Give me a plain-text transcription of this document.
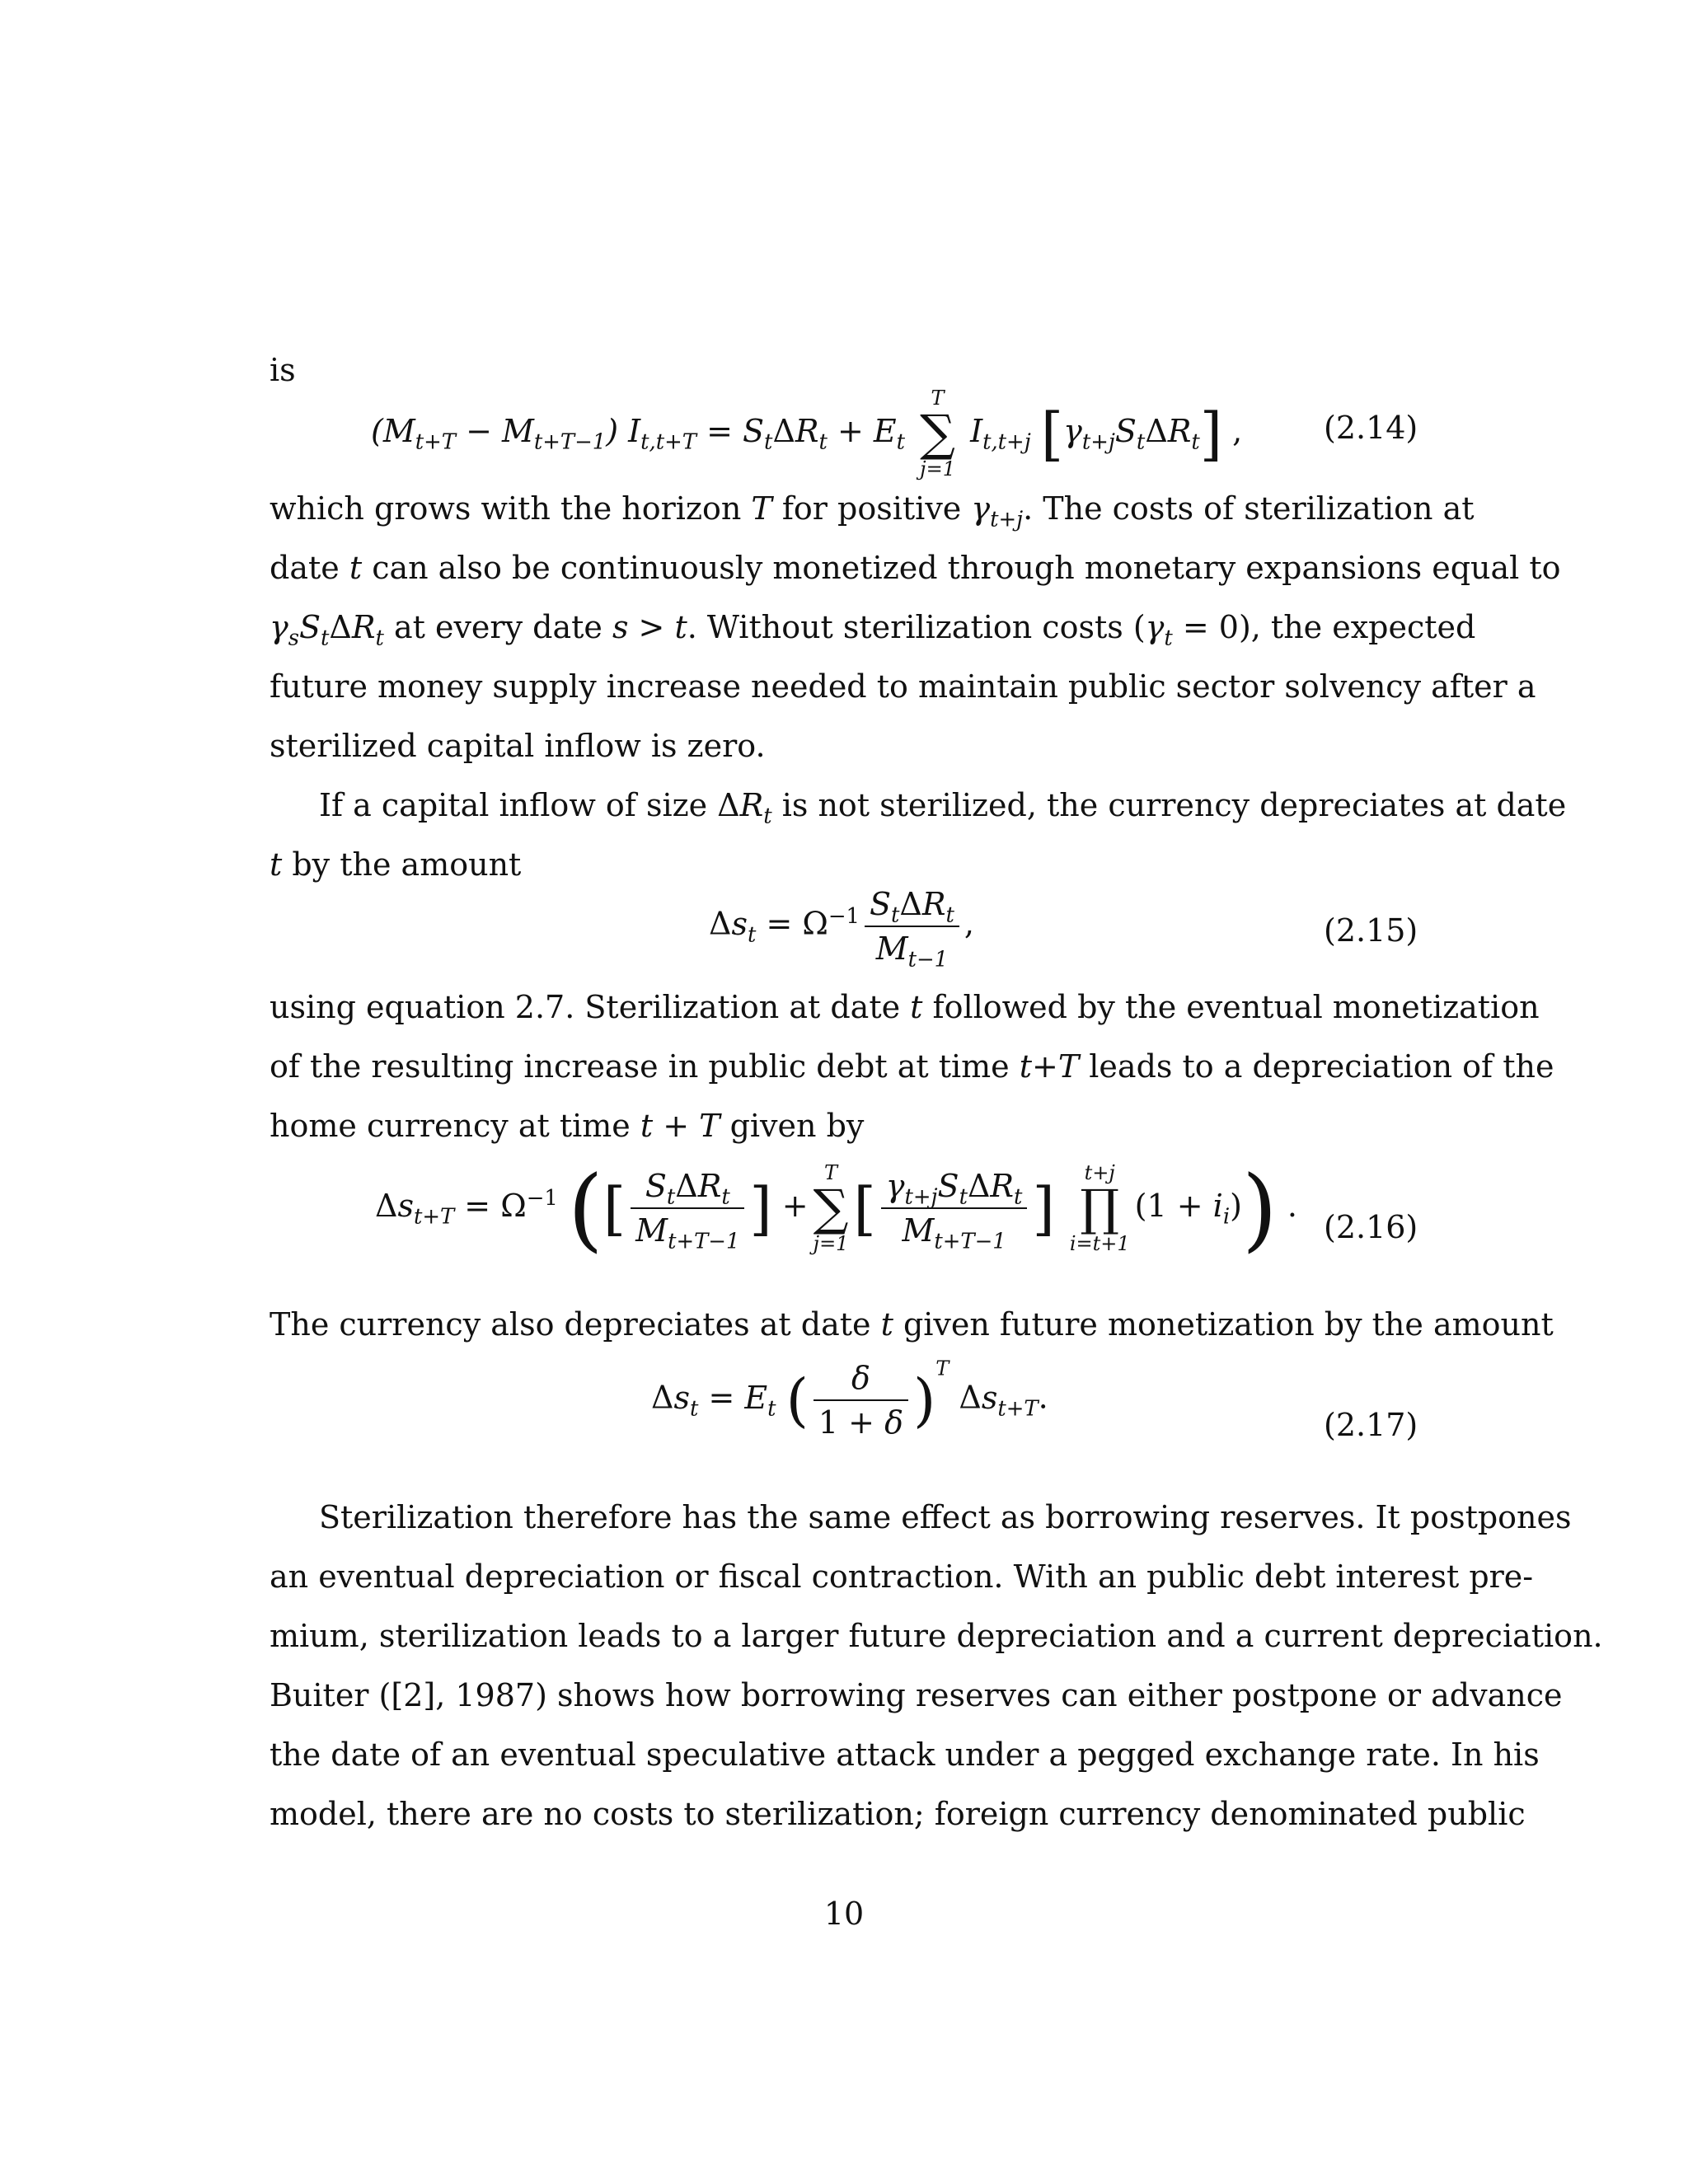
is
$(M_{t+T} - M_{t+T-1}) I_{t,t+T} = S_t\Delta R_t + E_t$
T
∑
j=1
$I_{t,t+j}$ $[\gamma_{t+j}S_t\Delta R_t]$ ,	(2.14)
which grows with the horizon T for positive $\gamma_{t+j}$. The costs of sterilization at
date t can also be continuously monetized through monetary expansions equal to
$\gamma_sS_t\Delta R_t$ at every date s > t. Without sterilization costs $(\gamma_t = 0)$, the expected
future money supply increase needed to maintain public sector solvency after a
sterilized capital inflow is zero.
If a capital inflow of size $\Delta R_t$ is not sterilized, the currency depreciates at date
t by the amount
$\Delta s_t = \Omega^{-1} \frac{S_t\Delta R_t}{M_{t-1}}$ ,	(2.15)
using equation 2.7. Sterilization at date t followed by the eventual monetization
of the resulting increase in public debt at time t+T leads to a depreciation of the
home currency at time t + T given by
$\Delta s_{t+T} = \Omega^{-1}$ ([ $\frac{S_t\Delta R_t}{M_{t+T-1}}$ ] +
T
∑
j=1
[ $\frac{\gamma_{t+j}S_t\Delta R_t}{M_{t+T-1}}$ ]
t+j
∏
i=t+1
$(1 + i_i)$) .
(2.16)
The currency also depreciates at date t given future monetization by the amount
$\Delta s_t = E_t$ ( $\frac{\delta}{1 + \delta} )^T$ $\Delta s_{t+T}$.
(2.17)
Sterilization therefore has the same effect as borrowing reserves. It postpones
an eventual depreciation or fiscal contraction. With an public debt interest pre-
mium, sterilization leads to a larger future depreciation and a current depreciation.
Buiter ([2], 1987) shows how borrowing reserves can either postpone or advance
the date of an eventual speculative attack under a pegged exchange rate. In his
model, there are no costs to sterilization; foreign currency denominated public
10
